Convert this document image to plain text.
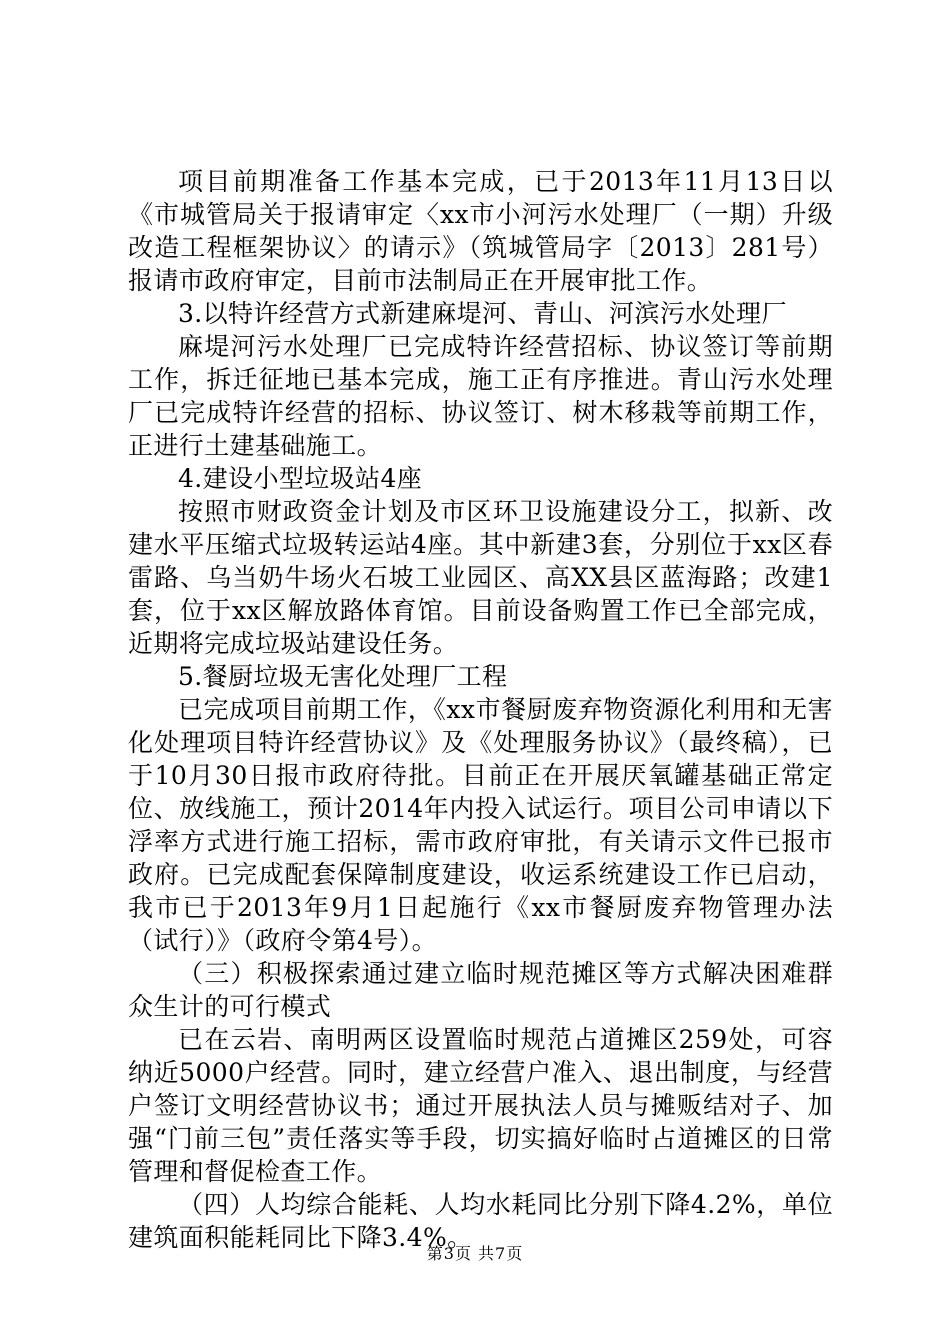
项目前期准备工作基本完成，已于2013年11月13日以《市城管局关于报请审定〈xx市小河污水处理厂（一期）升级改造工程框架协议〉的请示》（筑城管局字〔2013〕281号）报请市政府审定，目前市法制局正在开展审批工作。

3.以特许经营方式新建麻堤河、青山、河滨污水处理厂

麻堤河污水处理厂已完成特许经营招标、协议签订等前期工作，拆迁征地已基本完成，施工正有序推进。青山污水处理厂已完成特许经营的招标、协议签订、树木移栽等前期工作，正进行土建基础施工。

4.建设小型垃圾站4座

按照市财政资金计划及市区环卫设施建设分工，拟新、改建水平压缩式垃圾转运站4座。其中新建3套，分别位于xx区春雷路、乌当奶牛场火石坡工业园区、高XX县区蓝海路；改建1套，位于xx区解放路体育馆。目前设备购置工作已全部完成，近期将完成垃圾站建设任务。

5.餐厨垃圾无害化处理厂工程

已完成项目前期工作，《xx市餐厨废弃物资源化利用和无害化处理项目特许经营协议》及《处理服务协议》（最终稿），已于10月30日报市政府待批。目前正在开展厌氧罐基础正常定位、放线施工，预计2014年内投入试运行。项目公司申请以下浮率方式进行施工招标，需市政府审批，有关请示文件已报市政府。已完成配套保障制度建设，收运系统建设工作已启动，我市已于2013年9月1日起施行《xx市餐厨废弃物管理办法（试行）》（政府令第4号）。

（三）积极探索通过建立临时规范摊区等方式解决困难群众生计的可行模式

已在云岩、南明两区设置临时规范占道摊区259处，可容纳近5000户经营。同时，建立经营户准入、退出制度，与经营户签订文明经营协议书；通过开展执法人员与摊贩结对子、加强“门前三包”责任落实等手段，切实搞好临时占道摊区的日常管理和督促检查工作。

（四）人均综合能耗、人均水耗同比分别下降4.2%，单位建筑面积能耗同比下降3.4%。

第3页 共7页
